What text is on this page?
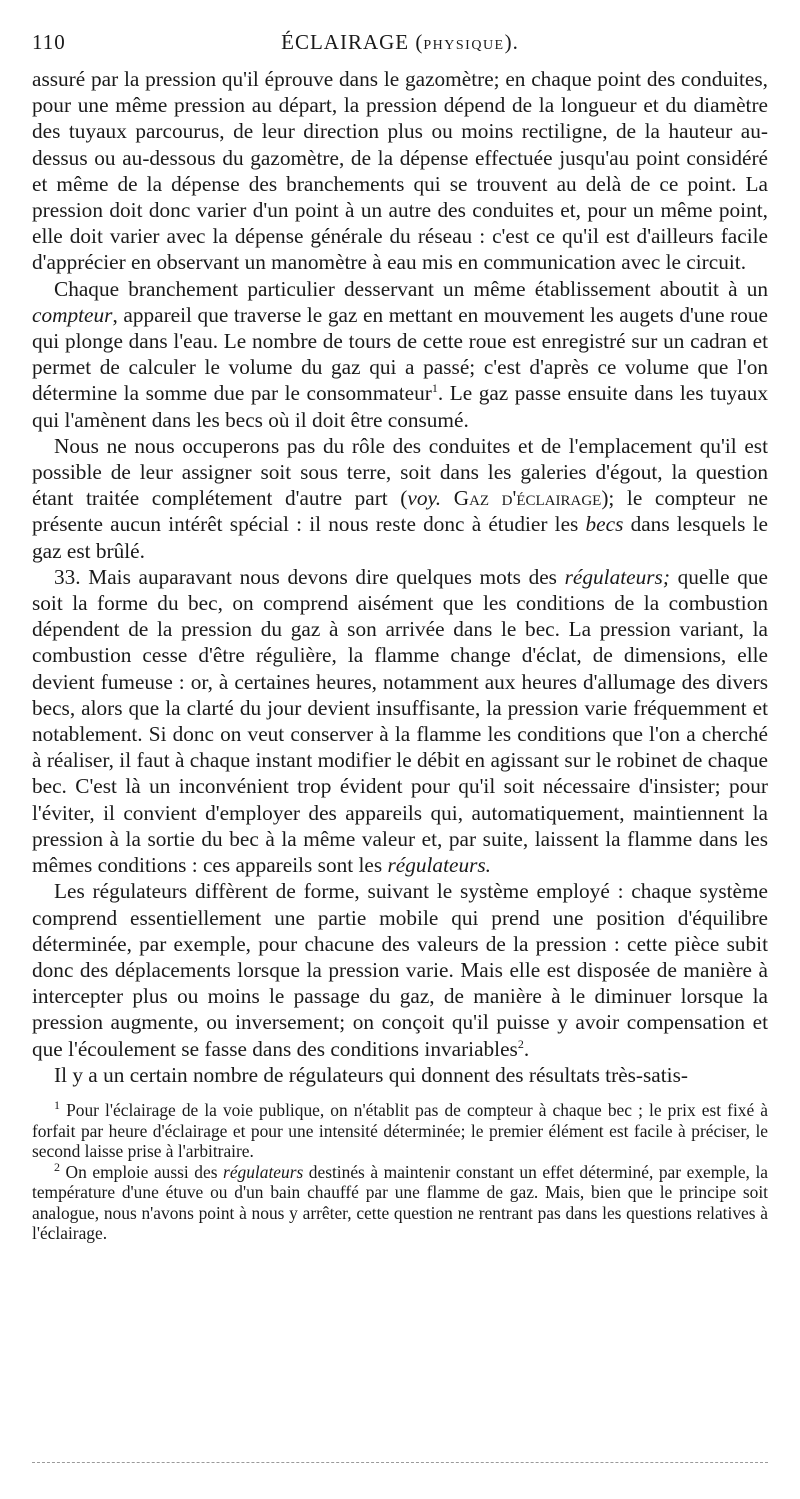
110	ÉCLAIRAGE (PHYSIQUE).

assuré par la pression qu'il éprouve dans le gazomètre; en chaque point des conduites, pour une même pression au départ, la pression dépend de la longueur et du diamètre des tuyaux parcourus, de leur direction plus ou moins rectiligne, de la hauteur au-dessus ou au-dessous du gazomètre, de la dépense effectuée jusqu'au point considéré et même de la dépense des branchements qui se trouvent au delà de ce point. La pression doit donc varier d'un point à un autre des conduites et, pour un même point, elle doit varier avec la dépense générale du réseau : c'est ce qu'il est d'ailleurs facile d'apprécier en observant un manomètre à eau mis en communication avec le circuit.

Chaque branchement particulier desservant un même établissement aboutit à un compteur, appareil que traverse le gaz en mettant en mouvement les augets d'une roue qui plonge dans l'eau. Le nombre de tours de cette roue est enregistré sur un cadran et permet de calculer le volume du gaz qui a passé; c'est d'après ce volume que l'on détermine la somme due par le consommateur$^1$. Le gaz passe ensuite dans les tuyaux qui l'amènent dans les becs où il doit être consumé.

Nous ne nous occuperons pas du rôle des conduites et de l'emplacement qu'il est possible de leur assigner soit sous terre, soit dans les galeries d'égout, la question étant traitée complétement d'autre part (voy. Gaz d'éclairage); le compteur ne présente aucun intérêt spécial : il nous reste donc à étudier les becs dans lesquels le gaz est brûlé.

33. Mais auparavant nous devons dire quelques mots des régulateurs; quelle que soit la forme du bec, on comprend aisément que les conditions de la combustion dépendent de la pression du gaz à son arrivée dans le bec. La pression variant, la combustion cesse d'être régulière, la flamme change d'éclat, de dimensions, elle devient fumeuse : or, à certaines heures, notamment aux heures d'allumage des divers becs, alors que la clarté du jour devient insuffisante, la pression varie fréquemment et notablement. Si donc on veut conserver à la flamme les conditions que l'on a cherché à réaliser, il faut à chaque instant modifier le débit en agissant sur le robinet de chaque bec. C'est là un inconvénient trop évident pour qu'il soit nécessaire d'insister; pour l'éviter, il convient d'employer des appareils qui, automatiquement, maintiennent la pression à la sortie du bec à la même valeur et, par suite, laissent la flamme dans les mêmes conditions : ces appareils sont les régulateurs.

Les régulateurs diffèrent de forme, suivant le système employé : chaque système comprend essentiellement une partie mobile qui prend une position d'équilibre déterminée, par exemple, pour chacune des valeurs de la pression : cette pièce subit donc des déplacements lorsque la pression varie. Mais elle est disposée de manière à intercepter plus ou moins le passage du gaz, de manière à le diminuer lorsque la pression augmente, ou inversement; on conçoit qu'il puisse y avoir compensation et que l'écoulement se fasse dans des conditions invariables$^2$.

Il y a un certain nombre de régulateurs qui donnent des résultats très-satis-

$^1$ Pour l'éclairage de la voie publique, on n'établit pas de compteur à chaque bec ; le prix est fixé à forfait par heure d'éclairage et pour une intensité déterminée; le premier élément est facile à préciser, le second laisse prise à l'arbitraire.

$^2$ On emploie aussi des régulateurs destinés à maintenir constant un effet déterminé, par exemple, la température d'une étuve ou d'un bain chauffé par une flamme de gaz. Mais, bien que le principe soit analogue, nous n'avons point à nous y arrêter, cette question ne rentrant pas dans les questions relatives à l'éclairage.
